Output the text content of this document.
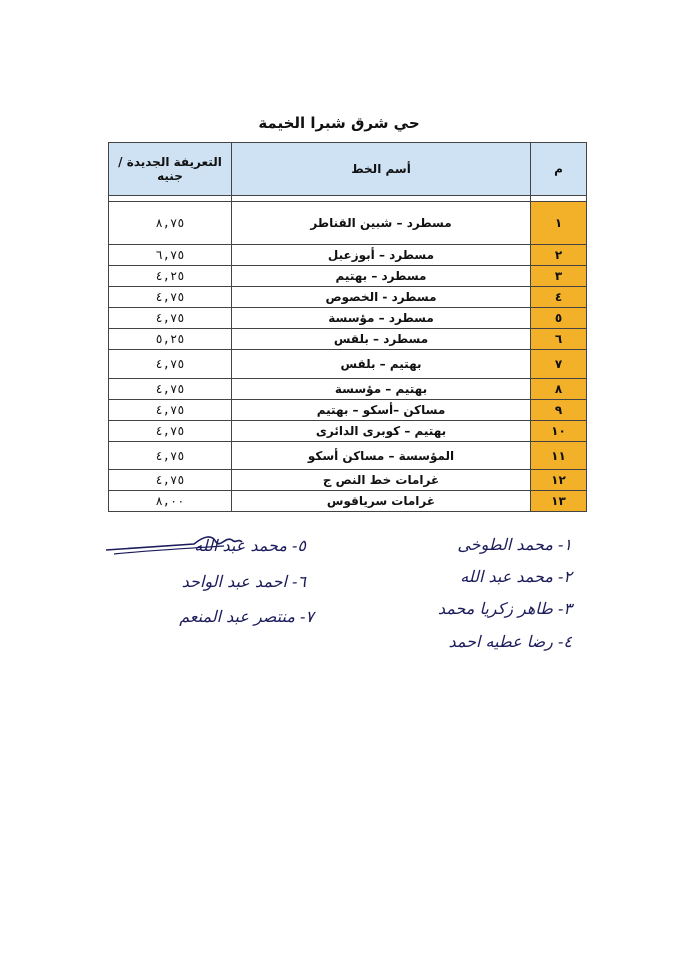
حي شرق شبرا الخيمة
م	أسم الخط	التعريفة الجديدة / جنيه

١	مسطرد – شبين القناطر	٨,٧٥
٢	مسطرد – أبوزعبل	٦,٧٥
٣	مسطرد – بهتيم	٤,٢٥
٤	مسطرد - الخصوص	٤,٧٥
٥	مسطرد – مؤسسة	٤,٧٥
٦	مسطرد – بلقس	٥,٢٥
٧	بهتيم – بلقس	٤,٧٥
٨	بهتيم – مؤسسة	٤,٧٥
٩	مساكن –أسكو – بهتيم	٤,٧٥
١٠	بهتيم – كوبرى الدائرى	٤,٧٥
١١	المؤسسة – مساكن أسكو	٤,٧٥
١٢	غرامات خط النص ج	٤,٧٥
١٣	غرامات سرياقوس	٨,٠٠
١- محمد الطوخى
٢- محمد عبد الله
٣- طاهر زكريا محمد
٤- رضا عطيه احمد
٥- محمد عبد الله
٦- احمد عبد الواحد
٧- منتصر عبد المنعم
